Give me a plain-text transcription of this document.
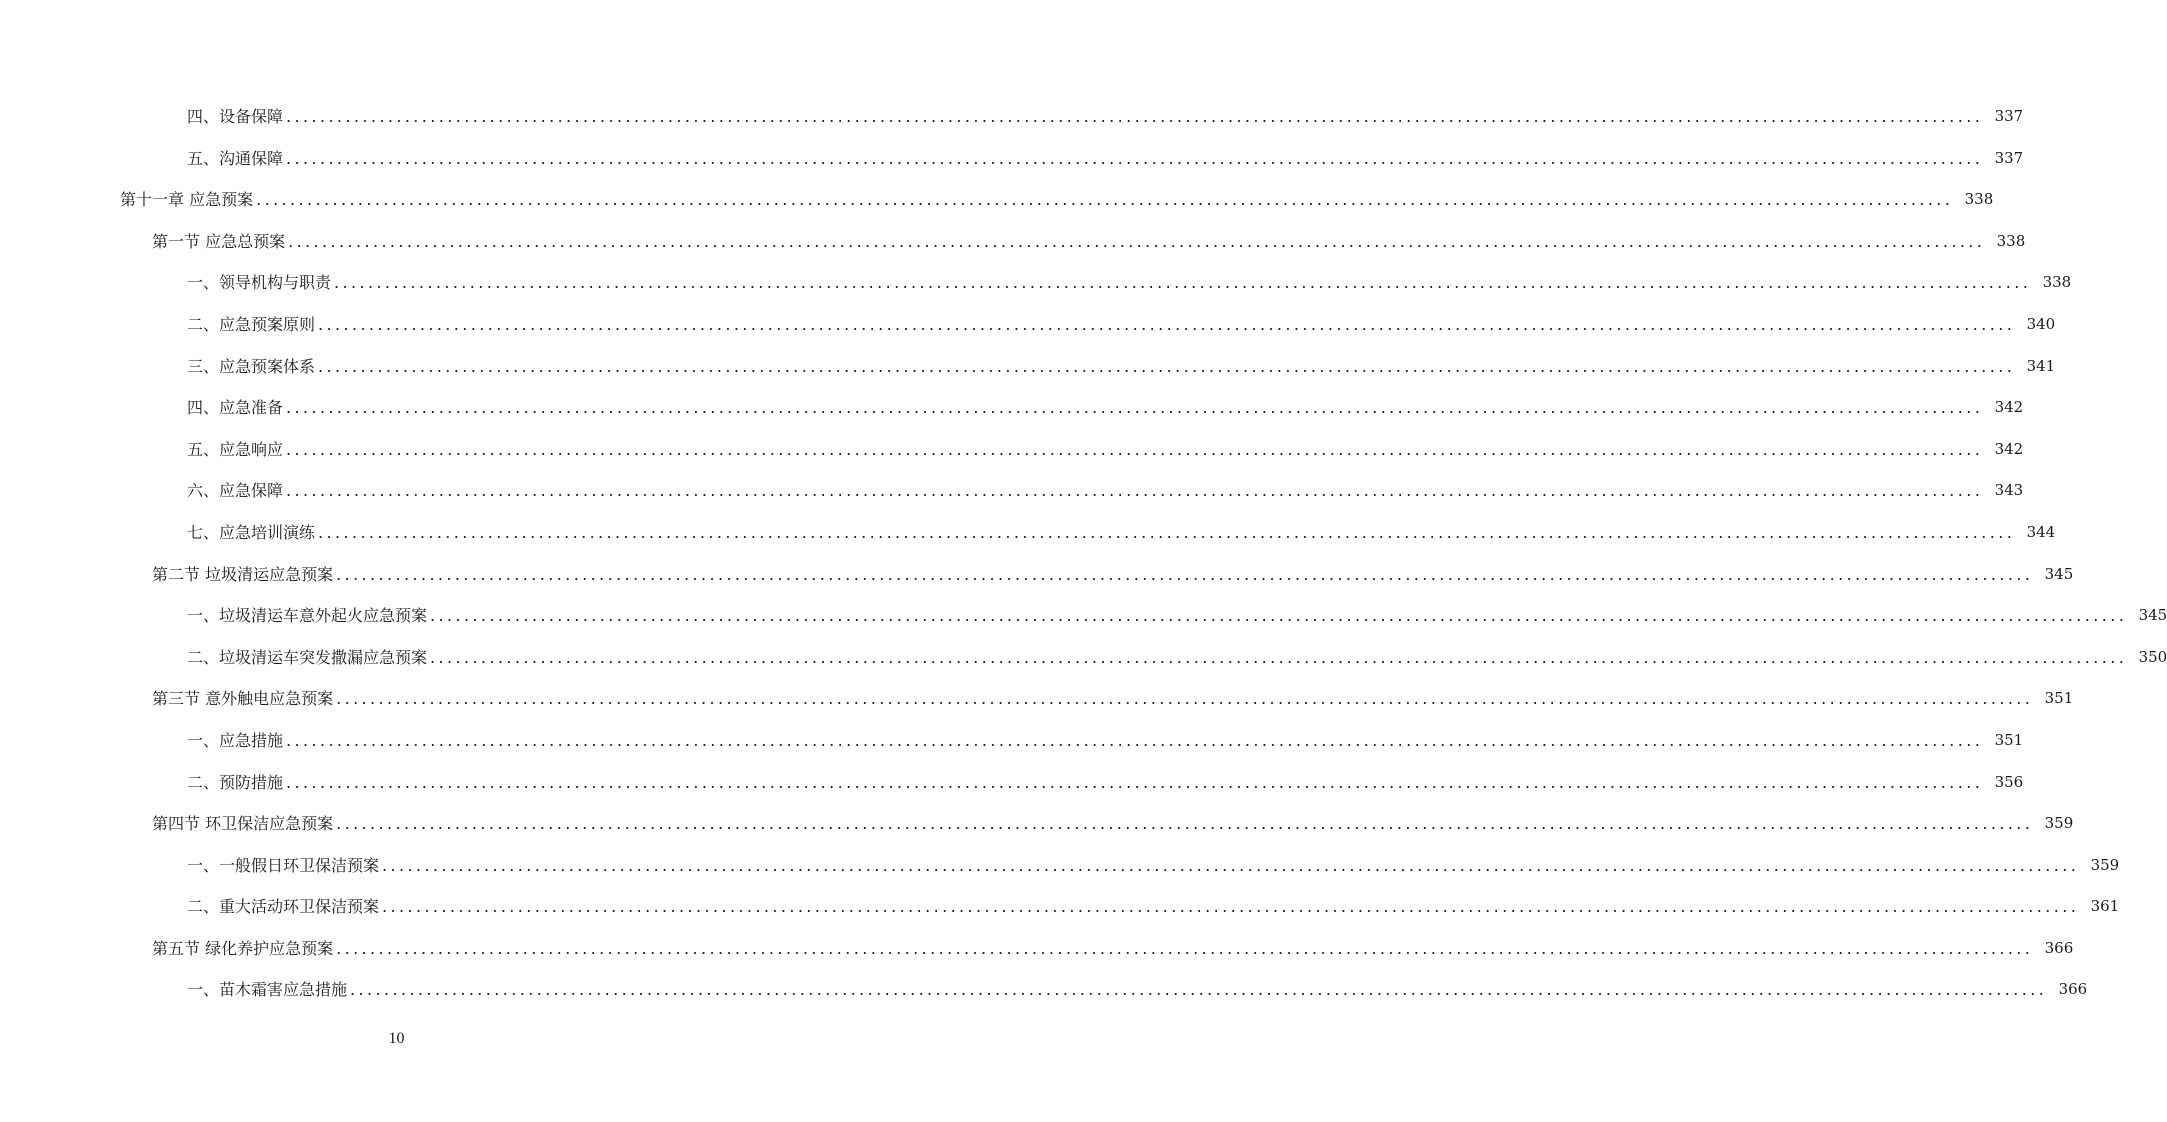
四、设备保障 ........................................................................................................................................................................................................ 337
五、沟通保障 ........................................................................................................................................................................................................ 337
第十一章 应急预案 ........................................................................................................................................................................................................ 338
第一节 应急总预案 ........................................................................................................................................................................................................ 338
一、领导机构与职责 ........................................................................................................................................................................................................ 338
二、应急预案原则 ........................................................................................................................................................................................................ 340
三、应急预案体系 ........................................................................................................................................................................................................ 341
四、应急准备 ........................................................................................................................................................................................................ 342
五、应急响应 ........................................................................................................................................................................................................ 342
六、应急保障 ........................................................................................................................................................................................................ 343
七、应急培训演练 ........................................................................................................................................................................................................ 344
第二节 垃圾清运应急预案 ........................................................................................................................................................................................................ 345
一、垃圾清运车意外起火应急预案 ........................................................................................................................................................................................................ 345
二、垃圾清运车突发撒漏应急预案 ........................................................................................................................................................................................................ 350
第三节 意外触电应急预案 ........................................................................................................................................................................................................ 351
一、应急措施 ........................................................................................................................................................................................................ 351
二、预防措施 ........................................................................................................................................................................................................ 356
第四节 环卫保洁应急预案 ........................................................................................................................................................................................................ 359
一、一般假日环卫保洁预案 ........................................................................................................................................................................................................ 359
二、重大活动环卫保洁预案 ........................................................................................................................................................................................................ 361
第五节 绿化养护应急预案 ........................................................................................................................................................................................................ 366
一、苗木霜害应急措施 ........................................................................................................................................................................................................ 366
10
